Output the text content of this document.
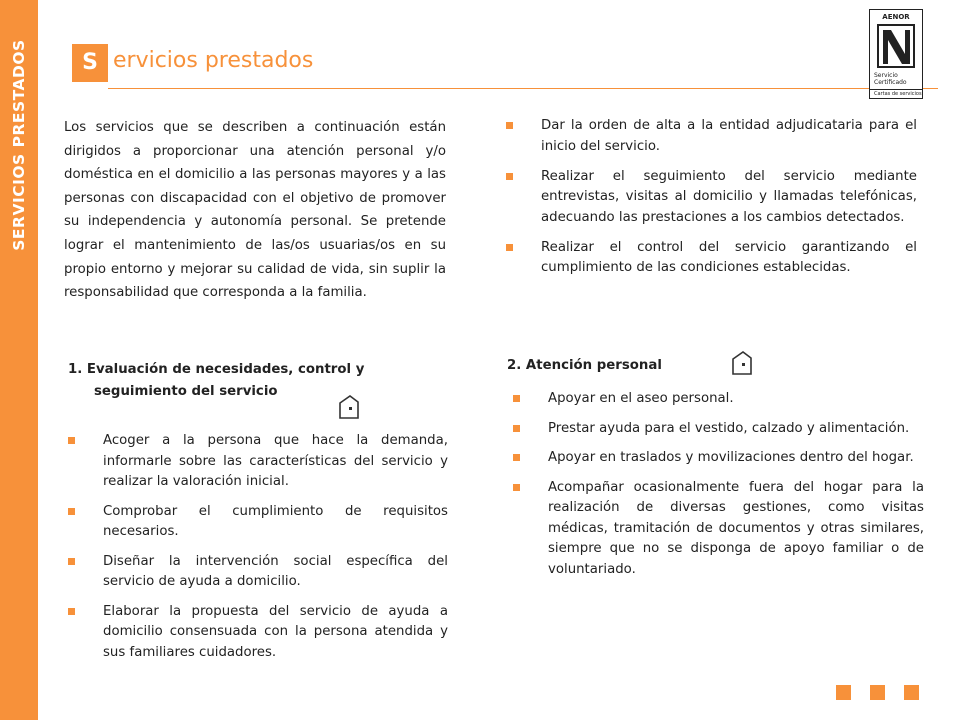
SERVICIOS PRESTADOS	S ervicios prestados
AENOR
Servicio
Certificado
Cartas de servicios
Los servicios que se describen a continuación están dirigidos a proporcionar una atención personal y/o doméstica en el domicilio a las personas mayores y a las personas con discapacidad con el objetivo de promover su independencia y autonomía personal. Se pretende lograr el mantenimiento de las/os usuarias/os en su propio entorno y mejorar su calidad de vida, sin suplir la responsabilidad que corresponda a la familia.
Dar la orden de alta a la entidad adjudicataria para el inicio del servicio.
Realizar el seguimiento del servicio mediante entrevistas, visitas al domicilio y llamadas telefónicas, adecuando las prestaciones a los cambios detectados.
Realizar el control del servicio garantizando el cumplimiento de las condiciones establecidas.
1. Evaluación de necesidades, control y
seguimiento del servicio
Acoger a la persona que hace la demanda, informarle sobre las características del servicio y realizar la valoración inicial.
Comprobar el cumplimiento de requisitos necesarios.
Diseñar la intervención social específica del servicio de ayuda a domicilio.
Elaborar la propuesta del servicio de ayuda a domicilio consensuada con la persona atendida y sus familiares cuidadores.
2. Atención personal
Apoyar en el aseo personal.
Prestar ayuda para el vestido, calzado y alimentación.
Apoyar en traslados y movilizaciones dentro del hogar.
Acompañar ocasionalmente fuera del hogar para la realización de diversas gestiones, como visitas médicas, tramitación de documentos y otras similares, siempre que no se disponga de apoyo familiar o de voluntariado.
